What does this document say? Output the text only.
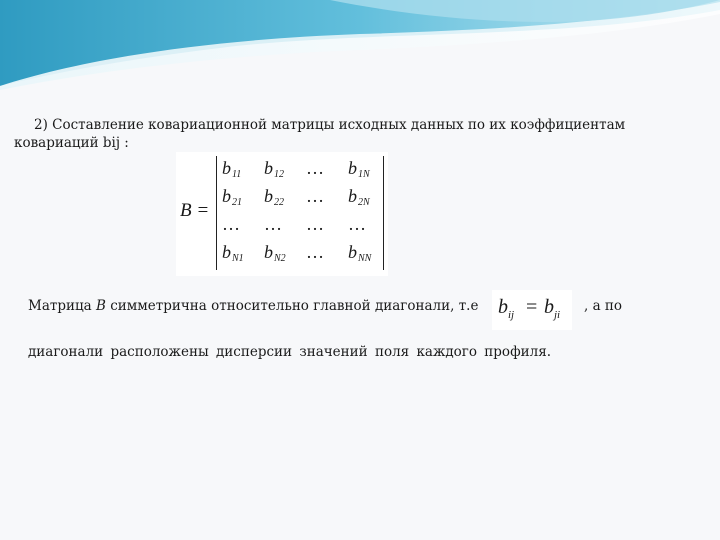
2) Составление ковариационной матрицы исходных данных по их коэффициентам ковариаций bij :
B =
$b_{11}$	$b_{12}$	…	$b_{1N}$
$b_{21}$	$b_{22}$	…	$b_{2N}$
…	…	…	…
$b_{N1}$	$b_{N2}$	…	$b_{NN}$
Матрица В симметрична относительно главной диагонали, т.е $b_{ij} = b_{ji}$
, а по
диагонали расположены дисперсии значений поля каждого профиля.
